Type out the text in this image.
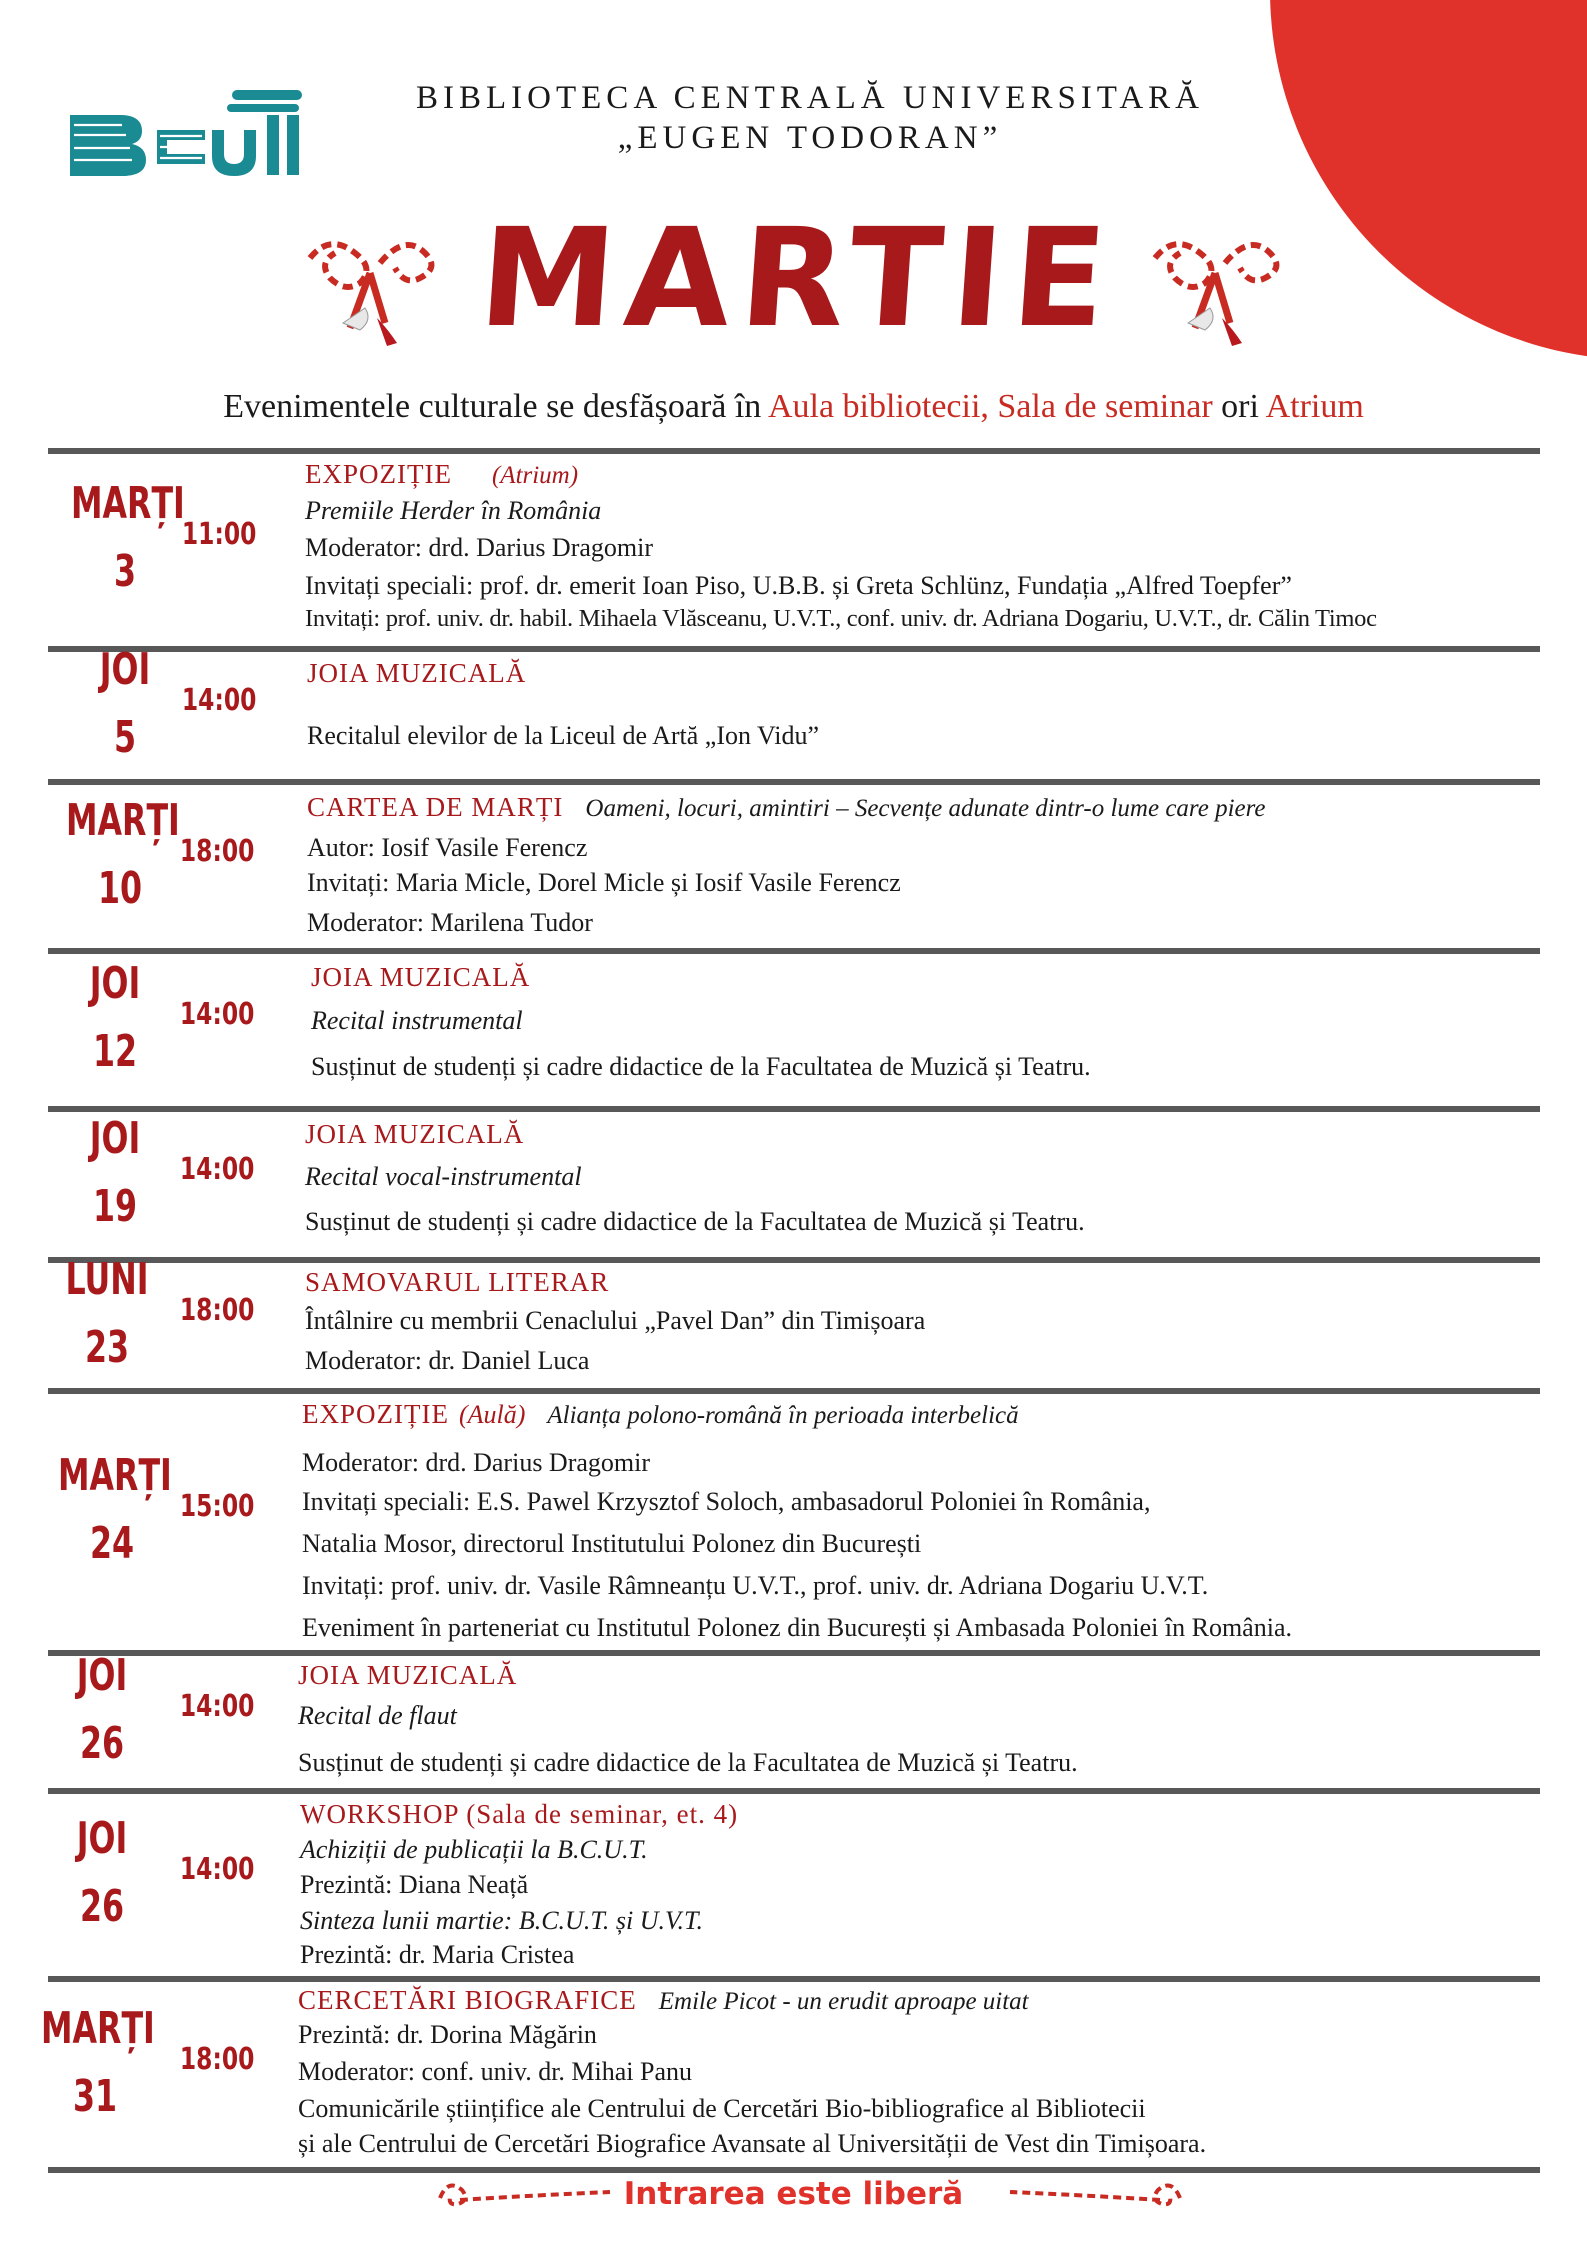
BIBLIOTECA CENTRALĂ UNIVERSITARĂ
„EUGEN TODORAN”
MARTIE
Evenimentele culturale se desfășoară în Aula bibliotecii, Sala de seminar ori Atrium
MARȚI
3
11:00
EXPOZIȚIE (Atrium)
Premiile Herder în România
Moderator: drd. Darius Dragomir
Invitați speciali: prof. dr. emerit Ioan Piso, U.B.B. și Greta Schlünz, Fundația „Alfred Toepfer”
Invitați: prof. univ. dr. habil. Mihaela Vlăsceanu, U.V.T., conf. univ. dr. Adriana Dogariu, U.V.T., dr. Călin Timoc
JOI
5
14:00
JOIA MUZICALĂ
Recitalul elevilor de la Liceul de Artă „Ion Vidu”
MARȚI
10
18:00
CARTEA DE MARȚI Oameni, locuri, amintiri – Secvențe adunate dintr-o lume care piere
Autor: Iosif Vasile Ferencz
Invitați: Maria Micle, Dorel Micle și Iosif Vasile Ferencz
Moderator: Marilena Tudor
JOI
12
14:00
JOIA MUZICALĂ
Recital instrumental
Susținut de studenți și cadre didactice de la Facultatea de Muzică și Teatru.
JOI
19
14:00
JOIA MUZICALĂ
Recital vocal-instrumental
Susținut de studenți și cadre didactice de la Facultatea de Muzică și Teatru.
LUNI
23
18:00
SAMOVARUL LITERAR
Întâlnire cu membrii Cenaclului „Pavel Dan” din Timișoara
Moderator: dr. Daniel Luca
MARȚI
24
15:00
EXPOZIȚIE (Aulă) Alianța polono-română în perioada interbelică
Moderator: drd. Darius Dragomir
Invitați speciali: E.S. Pawel Krzysztof Soloch, ambasadorul Poloniei în România,
Natalia Mosor, directorul Institutului Polonez din București
Invitați: prof. univ. dr. Vasile Râmneanțu U.V.T., prof. univ. dr. Adriana Dogariu U.V.T.
Eveniment în parteneriat cu Institutul Polonez din București și Ambasada Poloniei în România.
JOI
26
14:00
JOIA MUZICALĂ
Recital de flaut
Susținut de studenți și cadre didactice de la Facultatea de Muzică și Teatru.
JOI
26
14:00
WORKSHOP (Sala de seminar, et. 4)
Achiziții de publicații la B.C.U.T.
Prezintă: Diana Neață
Sinteza lunii martie: B.C.U.T. și U.V.T.
Prezintă: dr. Maria Cristea
MARȚI
31
18:00
CERCETĂRI BIOGRAFICE Emile Picot - un erudit aproape uitat
Prezintă: dr. Dorina Măgărin
Moderator: conf. univ. dr. Mihai Panu
Comunicările științifice ale Centrului de Cercetări Bio-bibliografice al Bibliotecii
și ale Centrului de Cercetări Biografice Avansate al Universității de Vest din Timișoara.
Intrarea este liberă
